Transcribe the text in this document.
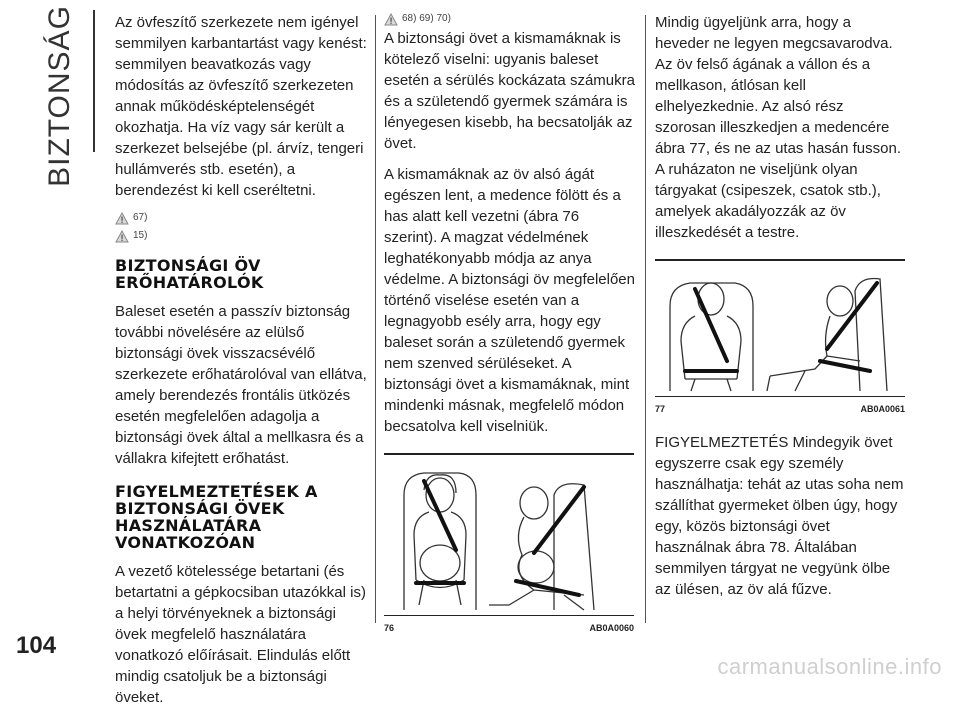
BIZTONSÁG
104

Az övfeszítő szerkezete nem igényel semmilyen karbantartást vagy kenést: semmilyen beavatkozás vagy módosítás az övfeszítő szerkezeten annak működésképtelenségét okozhatja. Ha víz vagy sár került a szerkezet belsejébe (pl. árvíz, tengeri hullámverés stb. esetén), a berendezést ki kell cseréltetni.

67)
15)
BIZTONSÁGI ÖV ERŐHATÁROLÓK

Baleset esetén a passzív biztonság további növelésére az elülső biztonsági övek visszacsévélő szerkezete erőhatárolóval van ellátva, amely berendezés frontális ütközés esetén megfelelően adagolja a biztonsági övek által a mellkasra és a vállakra kifejtett erőhatást.

FIGYELMEZTETÉSEK A BIZTONSÁGI ÖVEK HASZNÁLATÁRA VONATKOZÓAN

A vezető kötelessége betartani (és betartatni a gépkocsiban utazókkal is) a helyi törvényeknek a biztonsági övek megfelelő használatára vonatkozó előírásait. Elindulás előtt mindig csatoljuk be a biztonsági öveket.

68) 69) 70)

A biztonsági övet a kismamáknak is kötelező viselni: ugyanis baleset esetén a sérülés kockázata számukra és a születendő gyermek számára is lényegesen kisebb, ha becsatolják az övet.

A kismamáknak az öv alsó ágát egészen lent, a medence fölött és a has alatt kell vezetni (ábra 76 szerint). A magzat védelmének leghatékonyabb módja az anya védelme. A biztonsági öv megfelelően történő viselése esetén van a legnagyobb esély arra, hogy egy baleset során a születendő gyermek nem szenved sérüléseket. A biztonsági övet a kismamáknak, mint mindenki másnak, megfelelő módon becsatolva kell viselniük.

76	AB0A0060

Mindig ügyeljünk arra, hogy a heveder ne legyen megcsavarodva. Az öv felső ágának a vállon és a mellkason, átlósan kell elhelyezkednie. Az alsó rész szorosan illeszkedjen a medencére ábra 77, és ne az utas hasán fusson. A ruházaton ne viseljünk olyan tárgyakat (csipeszek, csatok stb.), amelyek akadályozzák az öv illeszkedését a testre.

77	AB0A0061

FIGYELMEZTETÉS Mindegyik övet egyszerre csak egy személy használhatja: tehát az utas soha nem szállíthat gyermeket ölben úgy, hogy egy, közös biztonsági övet használnak ábra 78. Általában semmilyen tárgyat ne vegyünk ölbe az ülésen, az öv alá fűzve.

carmanualsonline.info
